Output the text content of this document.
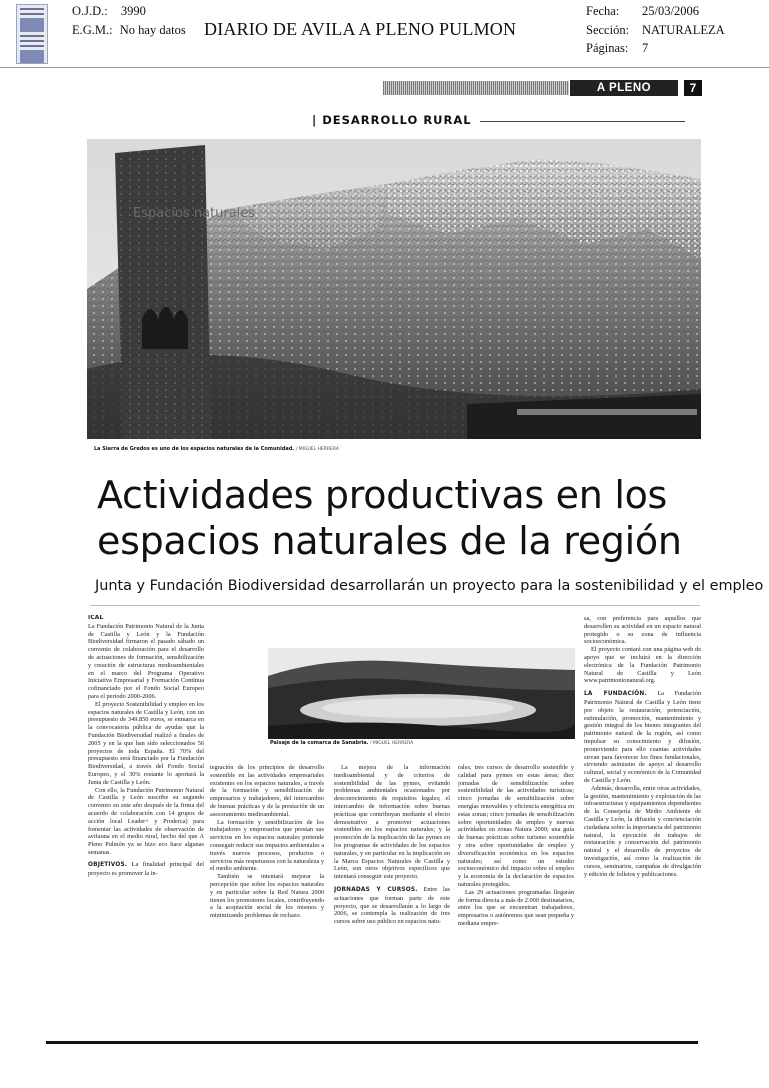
O.J.D.: 3990
E.G.M.: No hay datos DIARIO DE AVILA A PLENO PULMON
Fecha: 25/03/2006
Sección: NATURALEZA
Páginas: 7
A PLENO PULMÓN
7
| DESARROLLO RURAL
Espacios naturales
La Sierra de Gredos es uno de los espacios naturales de la Comunidad. / MIGUEL HERRERA
Actividades productivas en los
espacios naturales de la región
Junta y Fundación Biodiversidad desarrollarán un proyecto para la sostenibilidad y el empleo

ICAL

La Fundación Patrimonio Natural de la Junta de Castilla y León y la Fundación Biodiversidad firmaron el pasado sábado un convenio de colaboración para el desarrollo de actuaciones de formación, sensibilización y creación de estructuras medioambientales en el marco del Programa Operativo Iniciativa Empresarial y Formación Continua cofinanciado por el Fondo Social Europeo para el periodo 2000-2006.

El proyecto Sostenibilidad y empleo en los espacios naturales de Castilla y León, con un presupuesto de 349.850 euros, se enmarca en la convocatoria pública de ayudas que la Fundación Biodiversidad realizó a finales de 2005 y en la que han sido seleccionados 56 proyectos de toda España. El 70% del presupuesto será financiado por la Fundación Biodiversidad, a través del Fondo Social Europeo, y el 30% restante lo aportará la Junta de Castilla y León.

Con ello, la Fundación Patrimonio Natural de Castilla y León suscribe su segundo convenio en este año después de la firma del acuerdo de colaboración con 14 grupos de acción local Leader+ y Proderca) para fomentar las actividades de observación de avifauna en el medio rural, hecho del que A Pleno Pulmón ya se hizo eco hace algunas semanas.

OBJETIVOS. La finalidad principal del proyecto es promover la in-

Paisaje de la comarca de Sanabria. / MIGUEL HERRERA

tegración de los principios de desarrollo sostenible en las actividades empresariales existentes en los espacios naturales, a través de la formación y sensibilización de empresarios y trabajadores, del intercambio de buenas prácticas y de la prestación de un asesoramiento medioambiental.

La formación y sensibilización de los trabajadores y empresarios que prestan sus servicios en los espacios naturales pretende conseguir reducir sus impactos ambientales a través nuevos procesos, productos o servicios más respetuosos con la naturaleza y el medio ambiente.

También se intentará mejorar la percepción que sobre los espacios naturales y en particular sobre la Red Natura 2000 tienen los promotores locales, contribuyendo a la aceptación social de los mismos y minimizando problemas de rechazo.

La mejora de la información medioambiental y de criterios de sostenibilidad de las pymes, evitando problemas ambientales ocasionados por desconocimiento de requisitos legales; el intercambio de información sobre buenas prácticas que contribuyan mediante el efecto demostrativo a promover actuaciones sostenibles en los espacios naturales; y la promoción de la implicación de las pymes en los programas de actividades de los espacios naturales, y en particular en la implicación en la Marca Espacios Naturales de Castilla y León, son otros objetivos específicos que intentará conseguir este proyecto.

JORNADAS Y CURSOS. Entre las actuaciones que forman parte de este proyecto, que se desarrollarán a lo largo de 2006, se contempla la realización de tres cursos sobre uso público en espacios natu-

rales; tres cursos de desarrollo sostenible y calidad para pymes en estas áreas; diez jornadas de sensibilización sobre sostenibilidad de las actividades turísticas; cinco jornadas de sensibilización sobre energías renovables y eficiencia energética en estas zonas; cinco jornadas de sensibilización sobre oportunidades de empleo y nuevas actividades en zonas Natura 2000; una guía de buenas prácticas sobre turismo sostenible y otra sobre oportunidades de empleo y diversificación económica en los espacios naturales; así como un estudio socioeconómico del impacto sobre el empleo y la economía de la declaración de espacios naturales protegidos.

Las 29 actuaciones programadas llegarán de forma directa a más de 2.000 destinatarios, entre los que se encuentran trabajadores, empresarios o autónomos que sean pequeña y mediana empre-

sa, con preferencia para aquellos que desarrollen su actividad en un espacio natural protegido o su zona de influencia socioeconómica.

El proyecto contará con una página web de apoyo que se incluirá en la dirección electrónica de la Fundación Patrimonio Natural de Castilla y León www.patrimonionatural.org.

LA FUNDACIÓN. La Fundación Patrimonio Natural de Castilla y León tiene por objeto la restauración, potenciación, estimulación, promoción, mantenimiento y gestión integral de los bienes integrantes del patrimonio natural de la región, así como impulsar su conocimiento y difusión, promoviendo para ello cuantas actividades sirvan para favorecer los fines fundacionales, sirviendo asimismo de apoyo al desarrollo cultural, social y económico de la Comunidad de Castilla y León.

Además, desarrolla, entre otras actividades, la gestión, mantenimiento y explotación de las infraestructuras y equipamientos dependientes de la Consejería de Medio Ambiente de Castilla y León, la difusión y concienciación ciudadana sobre la importancia del patrimonio natural, la ejecución de trabajos de restauración y conservación del patrimonio natural y el desarrollo de proyectos de investigación, así como la realización de cursos, seminarios, campañas de divulgación y edición de folletos y publicaciones.
